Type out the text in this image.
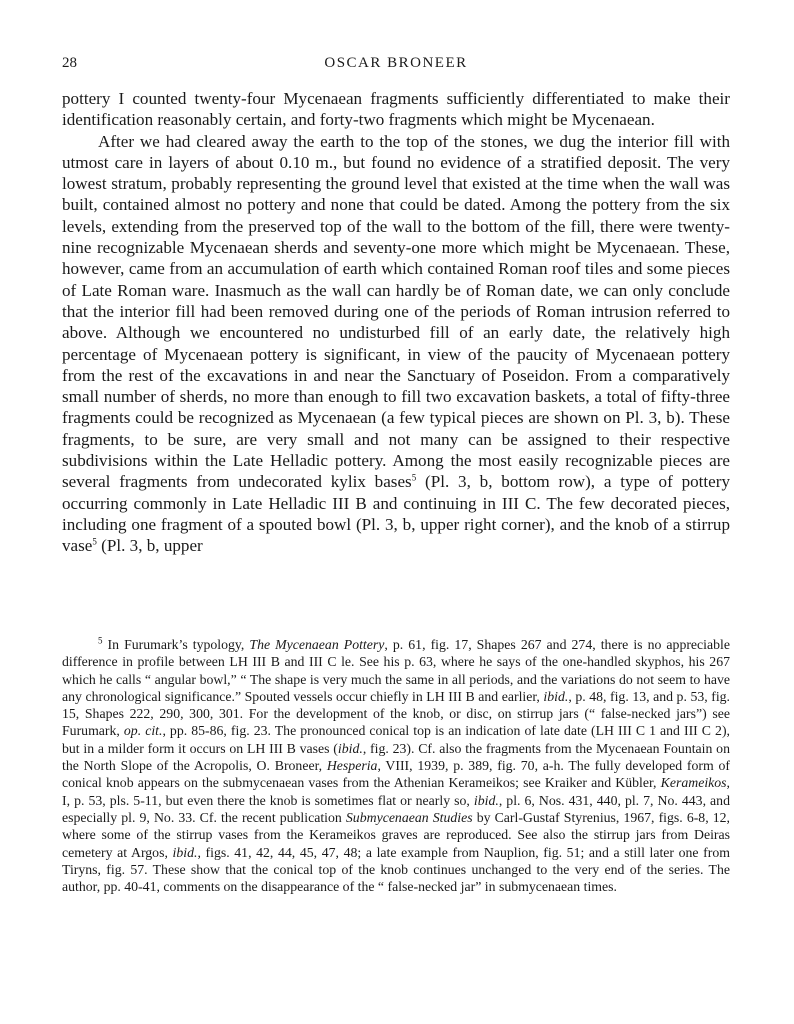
28	OSCAR BRONEER

pottery I counted twenty-four Mycenaean fragments sufficiently differentiated to make their identification reasonably certain, and forty-two fragments which might be Mycenaean.

After we had cleared away the earth to the top of the stones, we dug the interior fill with utmost care in layers of about 0.10 m., but found no evidence of a stratified deposit. The very lowest stratum, probably representing the ground level that existed at the time when the wall was built, contained almost no pottery and none that could be dated. Among the pottery from the six levels, extending from the preserved top of the wall to the bottom of the fill, there were twenty-nine recognizable Mycenaean sherds and seventy-one more which might be Mycenaean. These, however, came from an accumulation of earth which contained Roman roof tiles and some pieces of Late Roman ware. Inasmuch as the wall can hardly be of Roman date, we can only conclude that the interior fill had been removed during one of the periods of Roman intrusion referred to above. Although we encountered no undisturbed fill of an early date, the relatively high percentage of Mycenaean pottery is significant, in view of the paucity of Mycenaean pottery from the rest of the excavations in and near the Sanctuary of Poseidon. From a comparatively small number of sherds, no more than enough to fill two excavation baskets, a total of fifty-three fragments could be recognized as Mycenaean (a few typical pieces are shown on Pl. 3, b). These fragments, to be sure, are very small and not many can be assigned to their respective subdivisions within the Late Helladic pottery. Among the most easily recognizable pieces are several fragments from undecorated kylix bases$^5$ (Pl. 3, b, bottom row), a type of pottery occurring commonly in Late Helladic III B and continuing in III C. The few decorated pieces, including one fragment of a spouted bowl (Pl. 3, b, upper right corner), and the knob of a stirrup vase$^5$ (Pl. 3, b, upper

$^5$ In Furumark’s typology, The Mycenaean Pottery, p. 61, fig. 17, Shapes 267 and 274, there is no appreciable difference in profile between LH III B and III C le. See his p. 63, where he says of the one-handled skyphos, his 267 which he calls “ angular bowl,” “ The shape is very much the same in all periods, and the variations do not seem to have any chronological significance.” Spouted vessels occur chiefly in LH III B and earlier, ibid., p. 48, fig. 13, and p. 53, fig. 15, Shapes 222, 290, 300, 301. For the development of the knob, or disc, on stirrup jars (“ false-necked jars”) see Furumark, op. cit., pp. 85-86, fig. 23. The pronounced conical top is an indication of late date (LH III C 1 and III C 2), but in a milder form it occurs on LH III B vases (ibid., fig. 23). Cf. also the fragments from the Mycenaean Fountain on the North Slope of the Acropolis, O. Broneer, Hesperia, VIII, 1939, p. 389, fig. 70, a-h. The fully developed form of conical knob appears on the submycenaean vases from the Athenian Kerameikos; see Kraiker and Kübler, Kerameikos, I, p. 53, pls. 5-11, but even there the knob is sometimes flat or nearly so, ibid., pl. 6, Nos. 431, 440, pl. 7, No. 443, and especially pl. 9, No. 33. Cf. the recent publication Submycenaean Studies by Carl-Gustaf Styrenius, 1967, figs. 6-8, 12, where some of the stirrup vases from the Kerameikos graves are reproduced. See also the stirrup jars from Deiras cemetery at Argos, ibid., figs. 41, 42, 44, 45, 47, 48; a late example from Nauplion, fig. 51; and a still later one from Tiryns, fig. 57. These show that the conical top of the knob continues unchanged to the very end of the series. The author, pp. 40-41, comments on the disappearance of the “ false-necked jar” in submycenaean times.
